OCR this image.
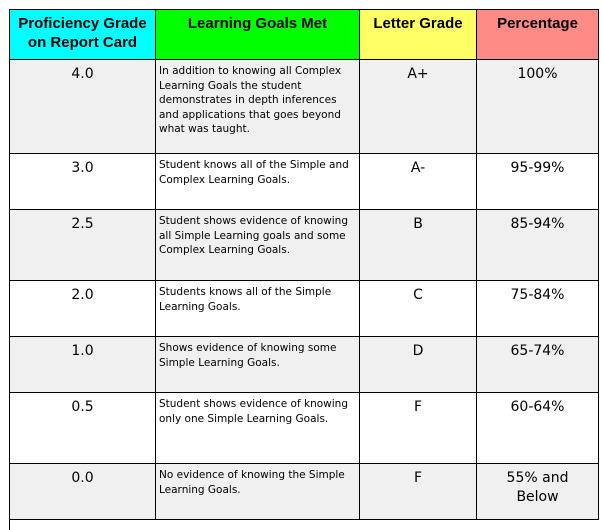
Proficiency Grade on Report Card	Learning Goals Met	Letter Grade	Percentage
4.0	In addition to knowing all Complex Learning Goals the student demonstrates in depth inferences and applications that goes beyond what was taught.	A+	100%
3.0	Student knows all of the Simple and Complex Learning Goals.	A-	95-99%
2.5	Student shows evidence of knowing all Simple Learning goals and some Complex Learning Goals.	B	85-94%
2.0	Students knows all of the Simple Learning Goals.	C	75-84%
1.0	Shows evidence of knowing some Simple Learning Goals.	D	65-74%
0.5	Student shows evidence of knowing only one Simple Learning Goals.	F	60-64%
0.0	No evidence of knowing the Simple Learning Goals.	F	55% and Below
